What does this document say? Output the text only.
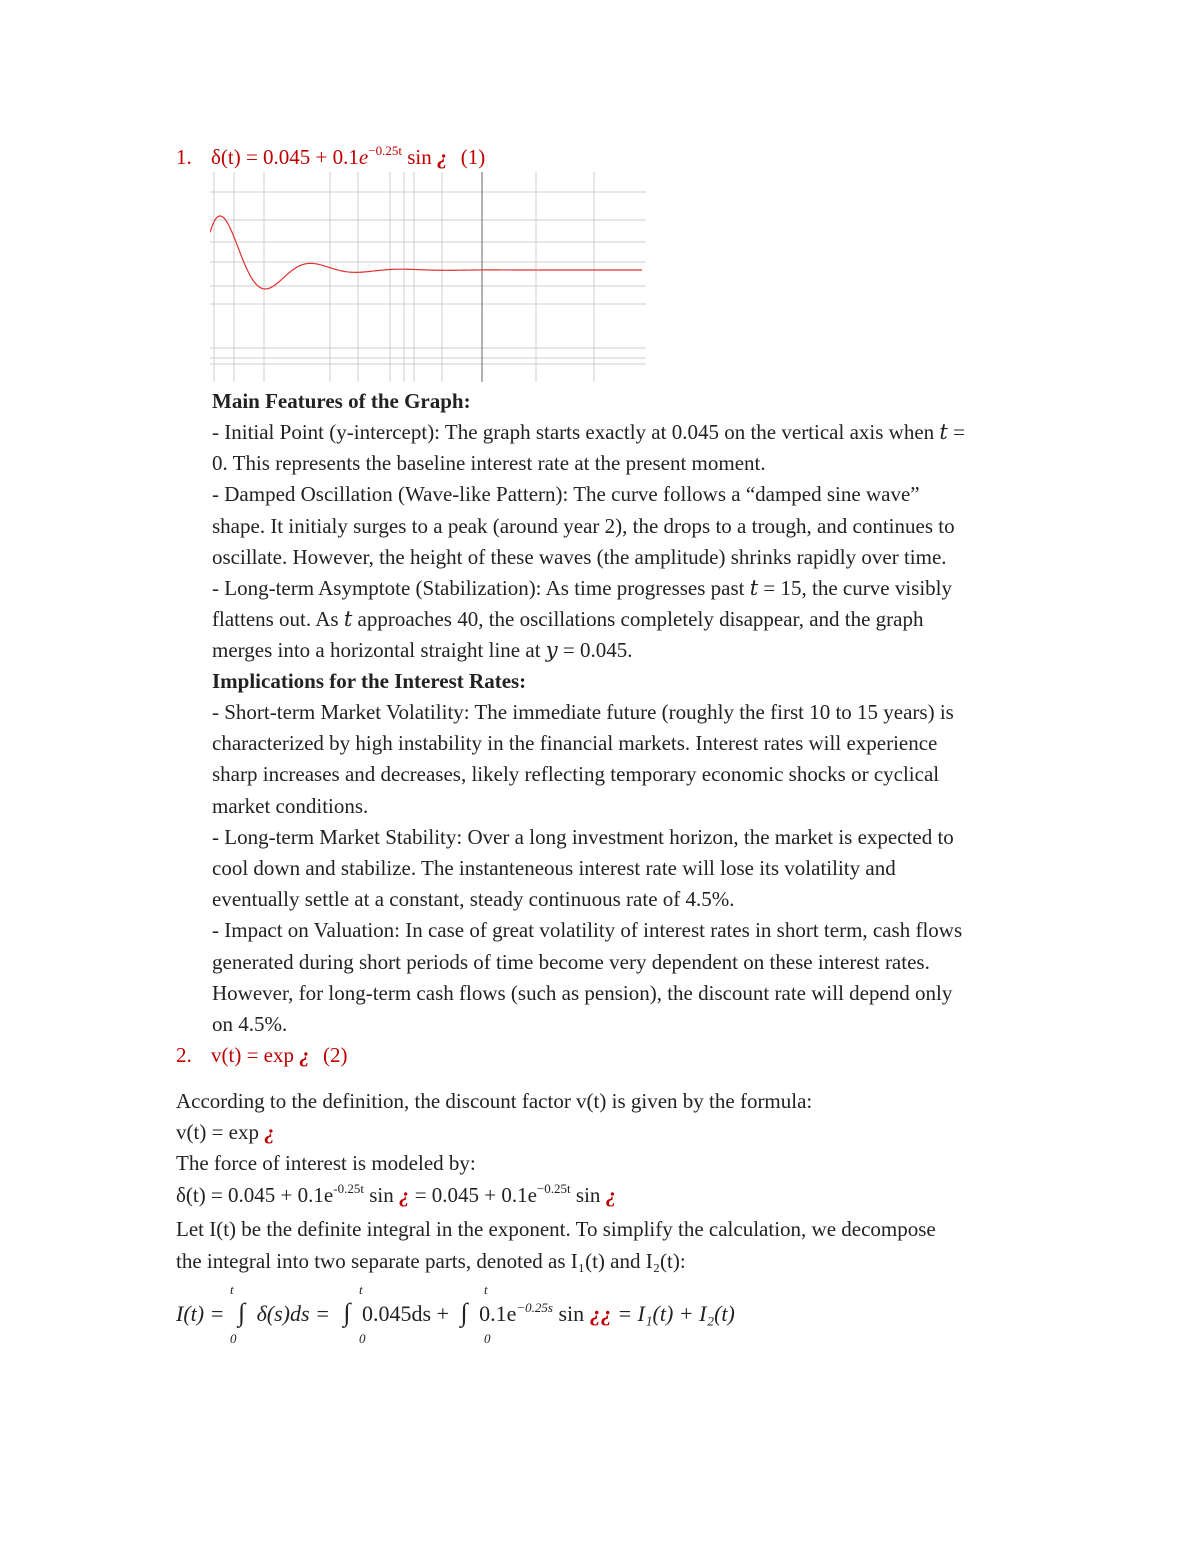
1. $\delta(t) = 0.045 + 0.1e^{-0.25t}$ sin ¿ (1)
Main Features of the Graph:
- Initial Point (y-intercept): The graph starts exactly at 0.045 on the vertical axis when 𝑡 =
0. This represents the baseline interest rate at the present moment.
- Damped Oscillation (Wave-like Pattern): The curve follows a “damped sine wave”
shape. It initialy surges to a peak (around year 2), the drops to a trough, and continues to
oscillate. However, the height of these waves (the amplitude) shrinks rapidly over time.
- Long-term Asymptote (Stabilization): As time progresses past 𝑡 = 15, the curve visibly
flattens out. As 𝑡 approaches 40, the oscillations completely disappear, and the graph
merges into a horizontal straight line at 𝑦 = 0.045.
Implications for the Interest Rates:
- Short-term Market Volatility: The immediate future (roughly the first 10 to 15 years) is
characterized by high instability in the financial markets. Interest rates will experience
sharp increases and decreases, likely reflecting temporary economic shocks or cyclical
market conditions.
- Long-term Market Stability: Over a long investment horizon, the market is expected to
cool down and stabilize. The instanteneous interest rate will lose its volatility and
eventually settle at a constant, steady continuous rate of 4.5%.
- Impact on Valuation: In case of great volatility of interest rates in short term, cash flows
generated during short periods of time become very dependent on these interest rates.
However, for long-term cash flows (such as pension), the discount rate will depend only
on 4.5%.
2. v(t) = exp ¿ (2)
According to the definition, the discount factor v(t) is given by the formula:
v(t) = exp ¿
The force of interest is modeled by:
$\delta(t) = 0.045 + 0.1e^{-0.25t}$ sin ¿ = $0.045 + 0.1e^{-0.25t}$ sin ¿
Let I(t) be the definite integral in the exponent. To simplify the calculation, we decompose
the integral into two separate parts, denoted as I₁(t) and I₂(t):
t	t	t
I(t) = ∫ δ(s)ds = ∫ 0.045ds + ∫ $0.1e^{-0.25s}$ sin ¿¿ = I₁(t) + I₂(t)
0	0	0
